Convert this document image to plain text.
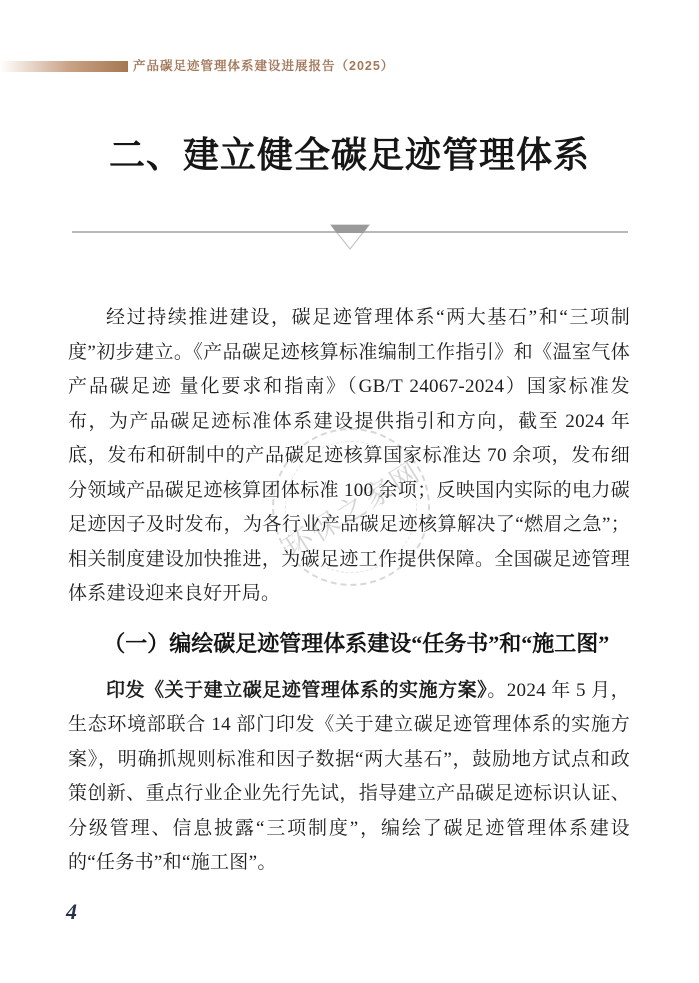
产品碳足迹管理体系建设进展报告（2025）
二、建立健全碳足迹管理体系
环保之家网

经过持续推进建设，碳足迹管理体系“两大基石”和“三项制度”初步建立。《产品碳足迹核算标准编制工作指引》和《温室气体 产品碳足迹 量化要求和指南》（GB/T 24067-2024）国家标准发布，为产品碳足迹标准体系建设提供指引和方向，截至 2024 年底，发布和研制中的产品碳足迹核算国家标准达 70 余项，发布细分领域产品碳足迹核算团体标准 100 余项；反映国内实际的电力碳足迹因子及时发布，为各行业产品碳足迹核算解决了“燃眉之急”；相关制度建设加快推进，为碳足迹工作提供保障。全国碳足迹管理体系建设迎来良好开局。

（一）编绘碳足迹管理体系建设“任务书”和“施工图”

印发《关于建立碳足迹管理体系的实施方案》。2024 年 5 月，生态环境部联合 14 部门印发《关于建立碳足迹管理体系的实施方案》，明确抓规则标准和因子数据“两大基石”，鼓励地方试点和政策创新、重点行业企业先行先试，指导建立产品碳足迹标识认证、分级管理、信息披露“三项制度”，编绘了碳足迹管理体系建设的“任务书”和“施工图”。

4
